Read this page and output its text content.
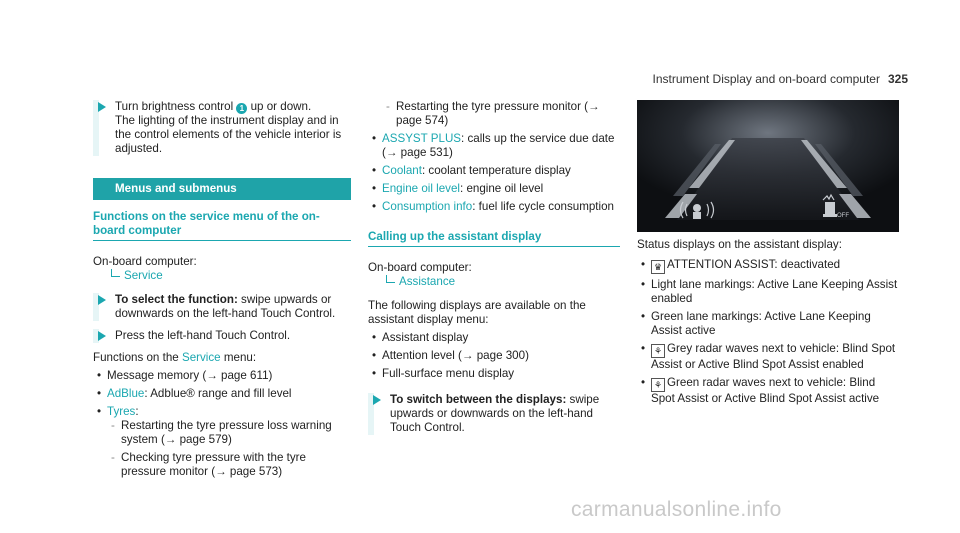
Instrument Display and on-board computer 325
Turn brightness control 1 up or down.
The lighting of the instrument display and in the control elements of the vehicle interior is adjusted.
Menus and submenus
Functions on the service menu of the on-board computer
On-board computer:
Service
To select the function: swipe upwards or downwards on the left-hand Touch Control.
Press the left-hand Touch Control.
Functions on the Service menu:
• Message memory (→ page 611)
• AdBlue: Adblue® range and fill level
• Tyres:
- Restarting the tyre pressure loss warning system (→ page 579)
- Checking tyre pressure with the tyre pressure monitor (→ page 573)
- Restarting the tyre pressure monitor (→ page 574)
• ASSYST PLUS: calls up the service due date (→ page 531)
• Coolant: coolant temperature display
• Engine oil level: engine oil level
• Consumption info: fuel life cycle consumption
Calling up the assistant display
On-board computer:
Assistance
The following displays are available on the assistant display menu:
• Assistant display
• Attention level (→ page 300)
• Full-surface menu display
To switch between the displays: swipe upwards or downwards on the left-hand Touch Control.
OFF
Status displays on the assistant display:
• ♛ ATTENTION ASSIST: deactivated
• Light lane markings: Active Lane Keeping Assist enabled
• Green lane markings: Active Lane Keeping Assist active
• ⚘ Grey radar waves next to vehicle: Blind Spot Assist or Active Blind Spot Assist enabled
• ⚘ Green radar waves next to vehicle: Blind Spot Assist or Active Blind Spot Assist active
carmanualsonline.info
